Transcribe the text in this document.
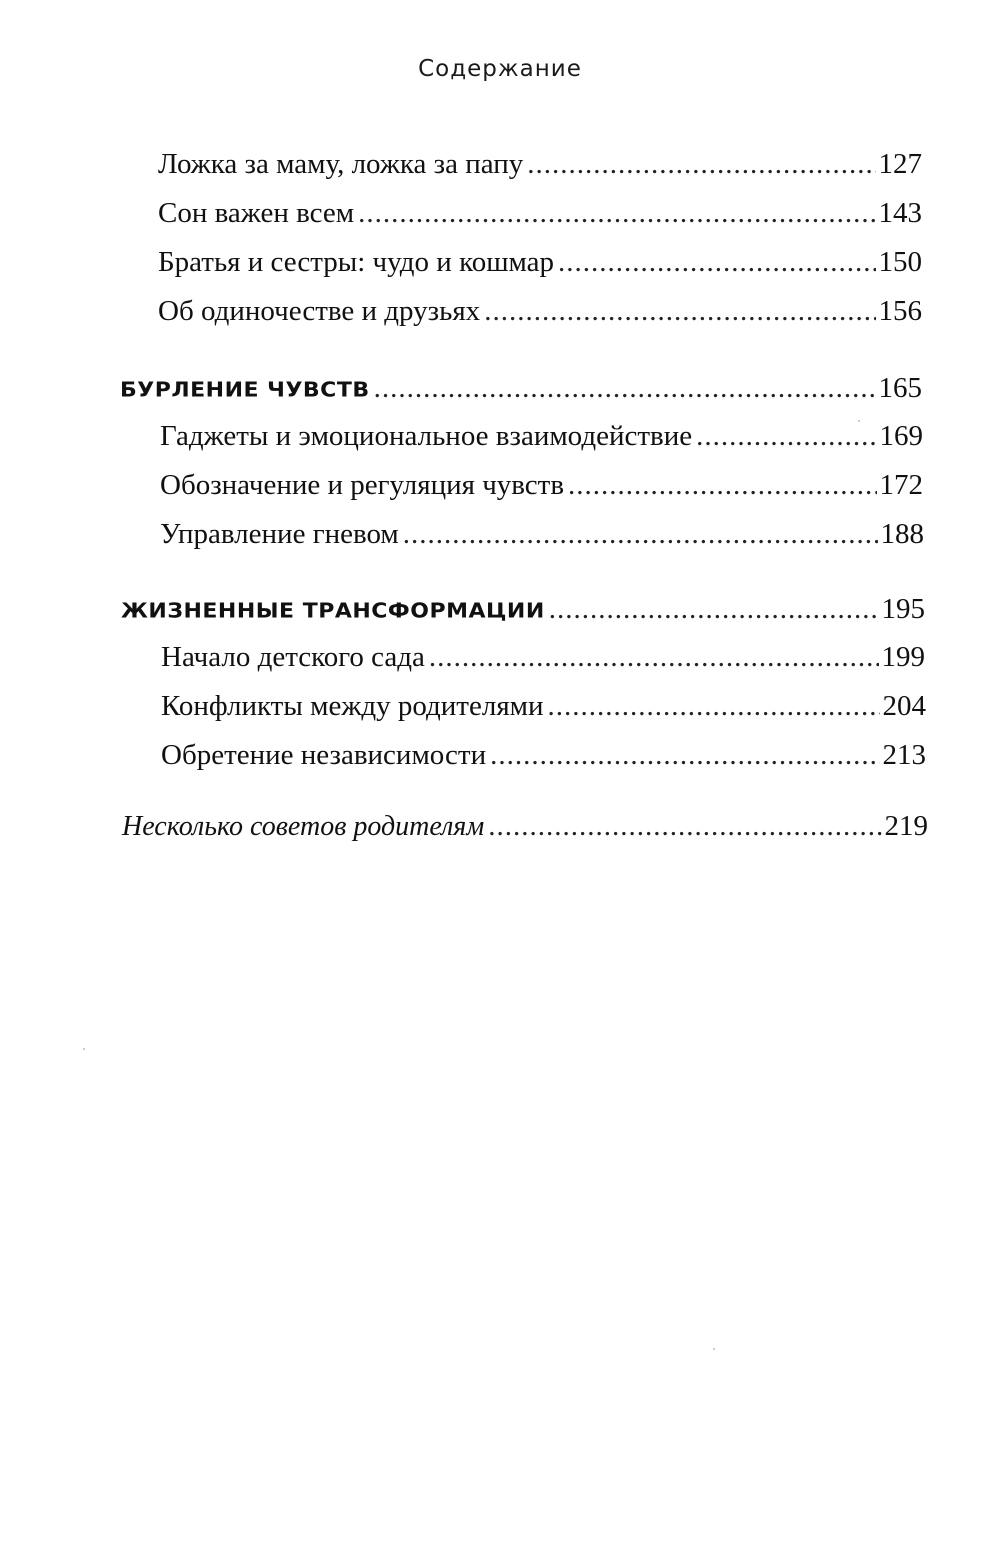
Содержание
Ложка за маму, ложка за папу .....	127
Сон важен всем .....	143
Братья и сестры: чудо и кошмар .....	150
Об одиночестве и друзьях .....	156
БУРЛЕНИЕ ЧУВСТВ .....	165
Гаджеты и эмоциональное взаимодействие .....	169
Обозначение и регуляция чувств .....	172
Управление гневом .....	188
ЖИЗНЕННЫЕ ТРАНСФОРМАЦИИ .....	195
Начало детского сада .....	199
Конфликты между родителями .....	204
Обретение независимости .....	213
Несколько советов родителям .....	219
